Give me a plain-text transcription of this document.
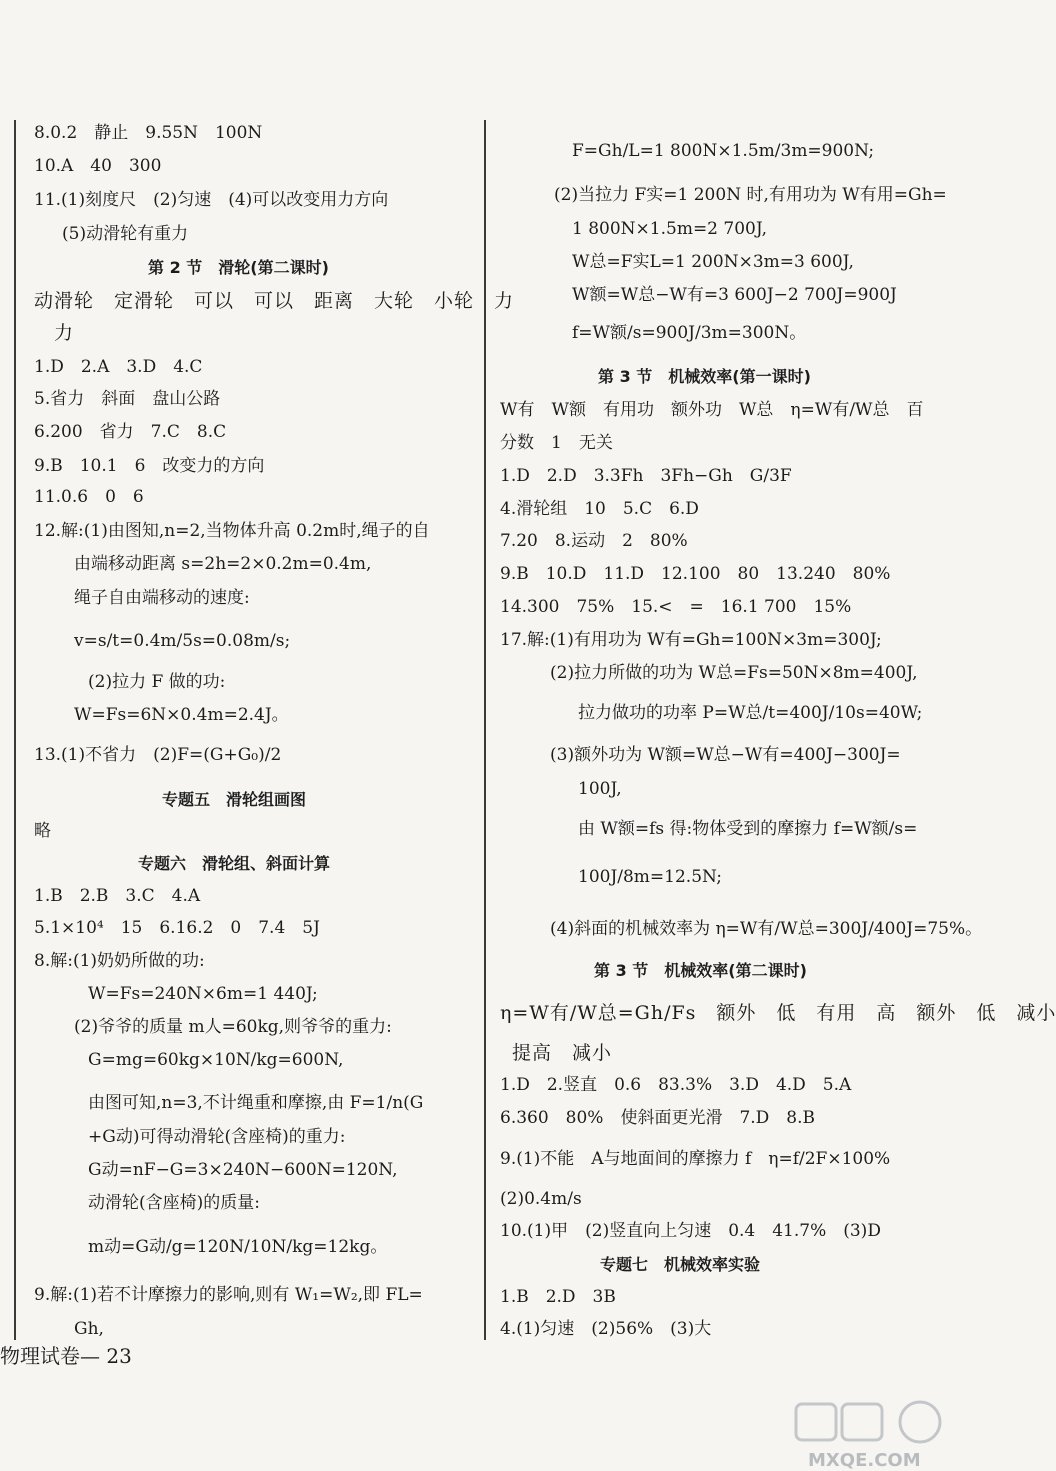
8.0.2　静止　9.55N　100N
10.A　40　300
11.(1)刻度尺　(2)匀速　(4)可以改变用力方向
(5)动滑轮有重力
第 2 节　滑轮(第二课时)
动滑轮　定滑轮　可以　可以　距离　大轮　小轮　力
力
1.D　2.A　3.D　4.C
5.省力　斜面　盘山公路
6.200　省力　7.C　8.C
9.B　10.1　6　改变力的方向
11.0.6　0　6
12.解:(1)由图知,n=2,当物体升高 0.2m时,绳子的自
由端移动距离 s=2h=2×0.2m=0.4m,
绳子自由端移动的速度:
v=s/t=0.4m/5s=0.08m/s;
(2)拉力 F 做的功:
W=Fs=6N×0.4m=2.4J。
13.(1)不省力　(2)F=(G+G₀)/2
专题五　滑轮组画图
略
专题六　滑轮组、斜面计算
1.B　2.B　3.C　4.A
5.1×10⁴　15　6.16.2　0　7.4　5J
8.解:(1)奶奶所做的功:
W=Fs=240N×6m=1 440J;
(2)爷爷的质量 m人=60kg,则爷爷的重力:
G=mg=60kg×10N/kg=600N,
由图可知,n=3,不计绳重和摩擦,由 F=1/n(G
+G动)可得动滑轮(含座椅)的重力:
G动=nF−G=3×240N−600N=120N,
动滑轮(含座椅)的质量:
m动=G动/g=120N/10N/kg=12kg。
9.解:(1)若不计摩擦力的影响,则有 W₁=W₂,即 FL=
Gh,
F=Gh/L=1 800N×1.5m/3m=900N;
(2)当拉力 F实=1 200N 时,有用功为 W有用=Gh=
1 800N×1.5m=2 700J,
W总=F实L=1 200N×3m=3 600J,
W额=W总−W有=3 600J−2 700J=900J
f=W额/s=900J/3m=300N。
第 3 节　机械效率(第一课时)
W有　W额　有用功　额外功　W总　η=W有/W总　百
分数　1　无关
1.D　2.D　3.3Fh　3Fh−Gh　G/3F
4.滑轮组　10　5.C　6.D
7.20　8.运动　2　80%
9.B　10.D　11.D　12.100　80　13.240　80%
14.300　75%　15.<　=　16.1 700　15%
17.解:(1)有用功为 W有=Gh=100N×3m=300J;
(2)拉力所做的功为 W总=Fs=50N×8m=400J,
拉力做功的功率 P=W总/t=400J/10s=40W;
(3)额外功为 W额=W总−W有=400J−300J=
100J,
由 W额=fs 得:物体受到的摩擦力 f=W额/s=
100J/8m=12.5N;
(4)斜面的机械效率为 η=W有/W总=300J/400J=75%。
第 3 节　机械效率(第二课时)
η=W有/W总=Gh/Fs　额外　低　有用　高　额外　低　减小
提高　减小
1.D　2.竖直　0.6　83.3%　3.D　4.D　5.A
6.360　80%　使斜面更光滑　7.D　8.B
9.(1)不能　A与地面间的摩擦力 f　η=f/2F×100%
(2)0.4m/s
10.(1)甲　(2)竖直向上匀速　0.4　41.7%　(3)D
专题七　机械效率实验
1.B　2.D　3B
4.(1)匀速　(2)56%　(3)大
物理试卷— 23
MXQE.COM
